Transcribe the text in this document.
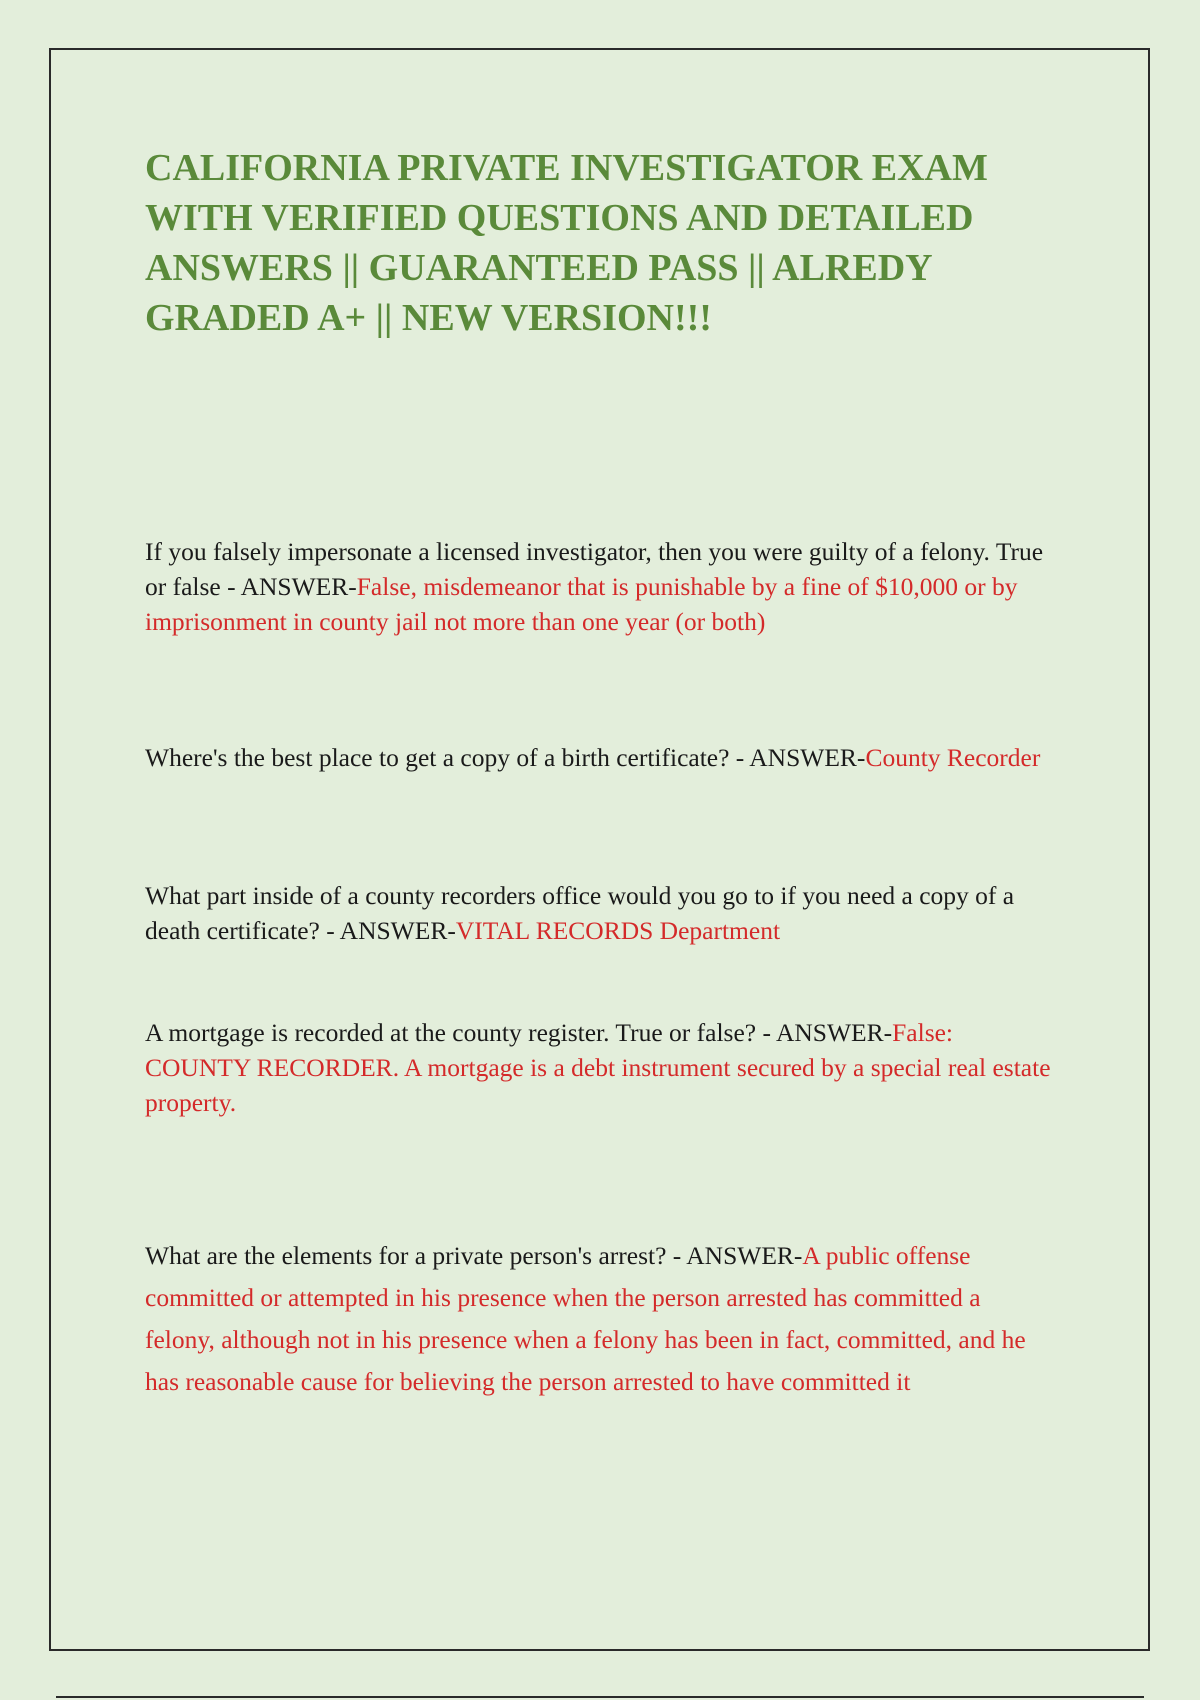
CALIFORNIA PRIVATE INVESTIGATOR EXAM WITH VERIFIED QUESTIONS AND DETAILED ANSWERS || GUARANTEED PASS || ALREDY GRADED A+ || NEW VERSION!!!

If you falsely impersonate a licensed investigator, then you were guilty of a felony. True or false - ANSWER-False, misdemeanor that is punishable by a fine of $10,000 or by imprisonment in county jail not more than one year (or both)

Where's the best place to get a copy of a birth certificate? - ANSWER-County Recorder

What part inside of a county recorders office would you go to if you need a copy of a death certificate? - ANSWER-VITAL RECORDS Department

A mortgage is recorded at the county register. True or false? - ANSWER-False: COUNTY RECORDER. A mortgage is a debt instrument secured by a special real estate property.

What are the elements for a private person's arrest? - ANSWER-A public offense committed or attempted in his presence when the person arrested has committed a felony, although not in his presence when a felony has been in fact, committed, and he has reasonable cause for believing the person arrested to have committed it
